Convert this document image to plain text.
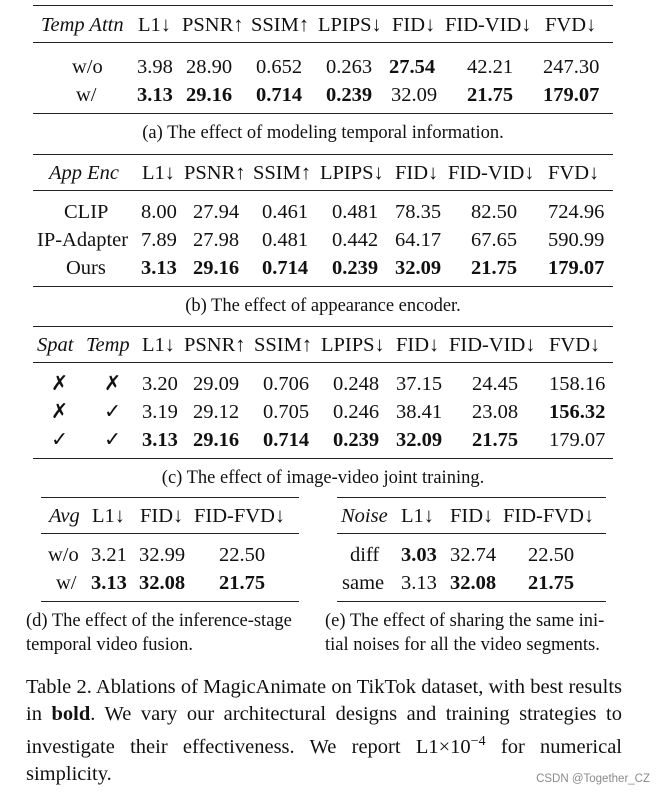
Temp Attn L1↓ PSNR↑ SSIM↑ LPIPS↓ FID↓ FID-VID↓ FVD↓
w/o 3.98 28.90 0.652 0.263 27.54 42.21 247.30
w/ 3.13 29.16 0.714 0.239 32.09 21.75 179.07
(a) The effect of modeling temporal information.
App Enc L1↓ PSNR↑ SSIM↑ LPIPS↓ FID↓ FID-VID↓ FVD↓
CLIP 8.00 27.94 0.461 0.481 78.35 82.50 724.96
IP-Adapter 7.89 27.98 0.481 0.442 64.17 67.65 590.99
Ours 3.13 29.16 0.714 0.239 32.09 21.75 179.07
(b) The effect of appearance encoder.
Spat Temp L1↓ PSNR↑ SSIM↑ LPIPS↓ FID↓ FID-VID↓ FVD↓
✗ ✗ 3.20 29.09 0.706 0.248 37.15 24.45 158.16
✗ ✓ 3.19 29.12 0.705 0.246 38.41 23.08 156.32
✓ ✓ 3.13 29.16 0.714 0.239 32.09 21.75 179.07
(c) The effect of image-video joint training.
Avg L1↓ FID↓ FID-FVD↓
w/o 3.21 32.99 22.50
w/ 3.13 32.08 21.75
(d) The effect of the inference-stage
temporal video fusion.
Noise L1↓ FID↓ FID-FVD↓
diff 3.03 32.74 22.50
same 3.13 32.08 21.75
(e) The effect of sharing the same ini-
tial noises for all the video segments.
Table 2. Ablations of MagicAnimate on TikTok dataset, with best results in bold. We vary our architectural designs and training strategies to investigate their effectiveness. We report $L1\times 10^{-4}$ for numerical simplicity.	CSDN @Together_CZ
